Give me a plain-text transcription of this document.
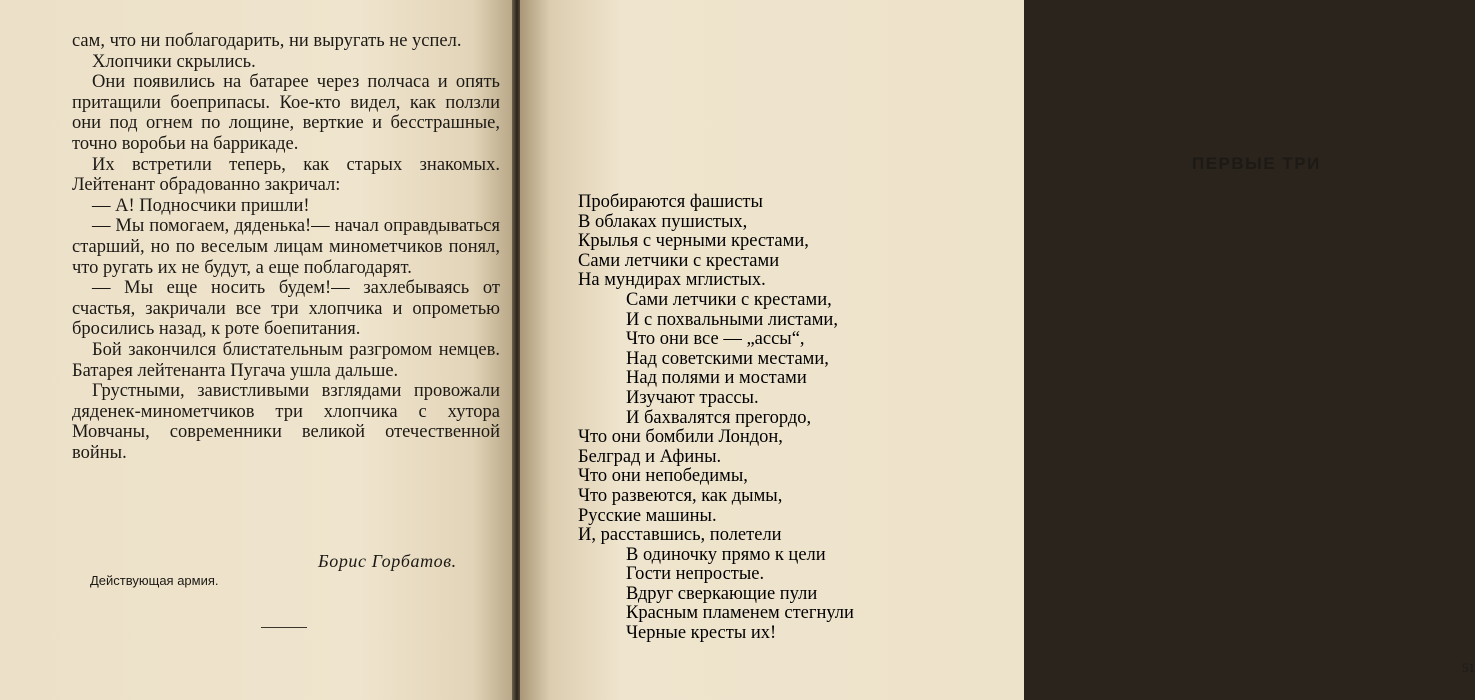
сам, что ни поблагодарить, ни выругать не успел.

Хлопчики скрылись.

Они появились на батарее через полчаса и опять притащили боеприпасы. Кое-кто видел, как ползли они под огнем по лощине, верткие и бесстрашные, точно воробьи на баррикаде.

Их встретили теперь, как старых знакомых. Лейтенант обрадованно закричал:

— А! Подносчики пришли!

— Мы помогаем, дяденька!— начал оправдываться старший, но по веселым лицам минометчиков понял, что ругать их не будут, а еще поблагодарят.

— Мы еще носить будем!— захлебываясь от счастья, закричали все три хлопчика и опрометью бросились назад, к роте боепитания.

Бой закончился блистательным разгромом немцев. Батарея лейтенанта Пугача ушла дальше.

Грустными, завистливыми взглядами провожали дяденек-минометчиков три хлопчика с хутора Мовчаны, современники великой отечественной войны.

Борис Горбатов.
Действующая армия.
ПЕРВЫЕ ТРИ
51
Пробираются фашисты
В облаках пушистых,
Крылья с черными крестами,
Сами летчики с крестами
На мундирах мглистых.
Сами летчики с крестами,
И с похвальными листами,
Что они все — „ассы“,
Над советскими местами,
Над полями и мостами
Изучают трассы.
И бахвалятся прегордо,
Что они бомбили Лондон,
Белград и Афины.
Что они непобедимы,
Что развеются, как дымы,
Русские машины.
И, расставшись, полетели
В одиночку прямо к цели
Гости непростые.
Вдруг сверкающие пули
Красным пламенем стегнули
Черные кресты их!
